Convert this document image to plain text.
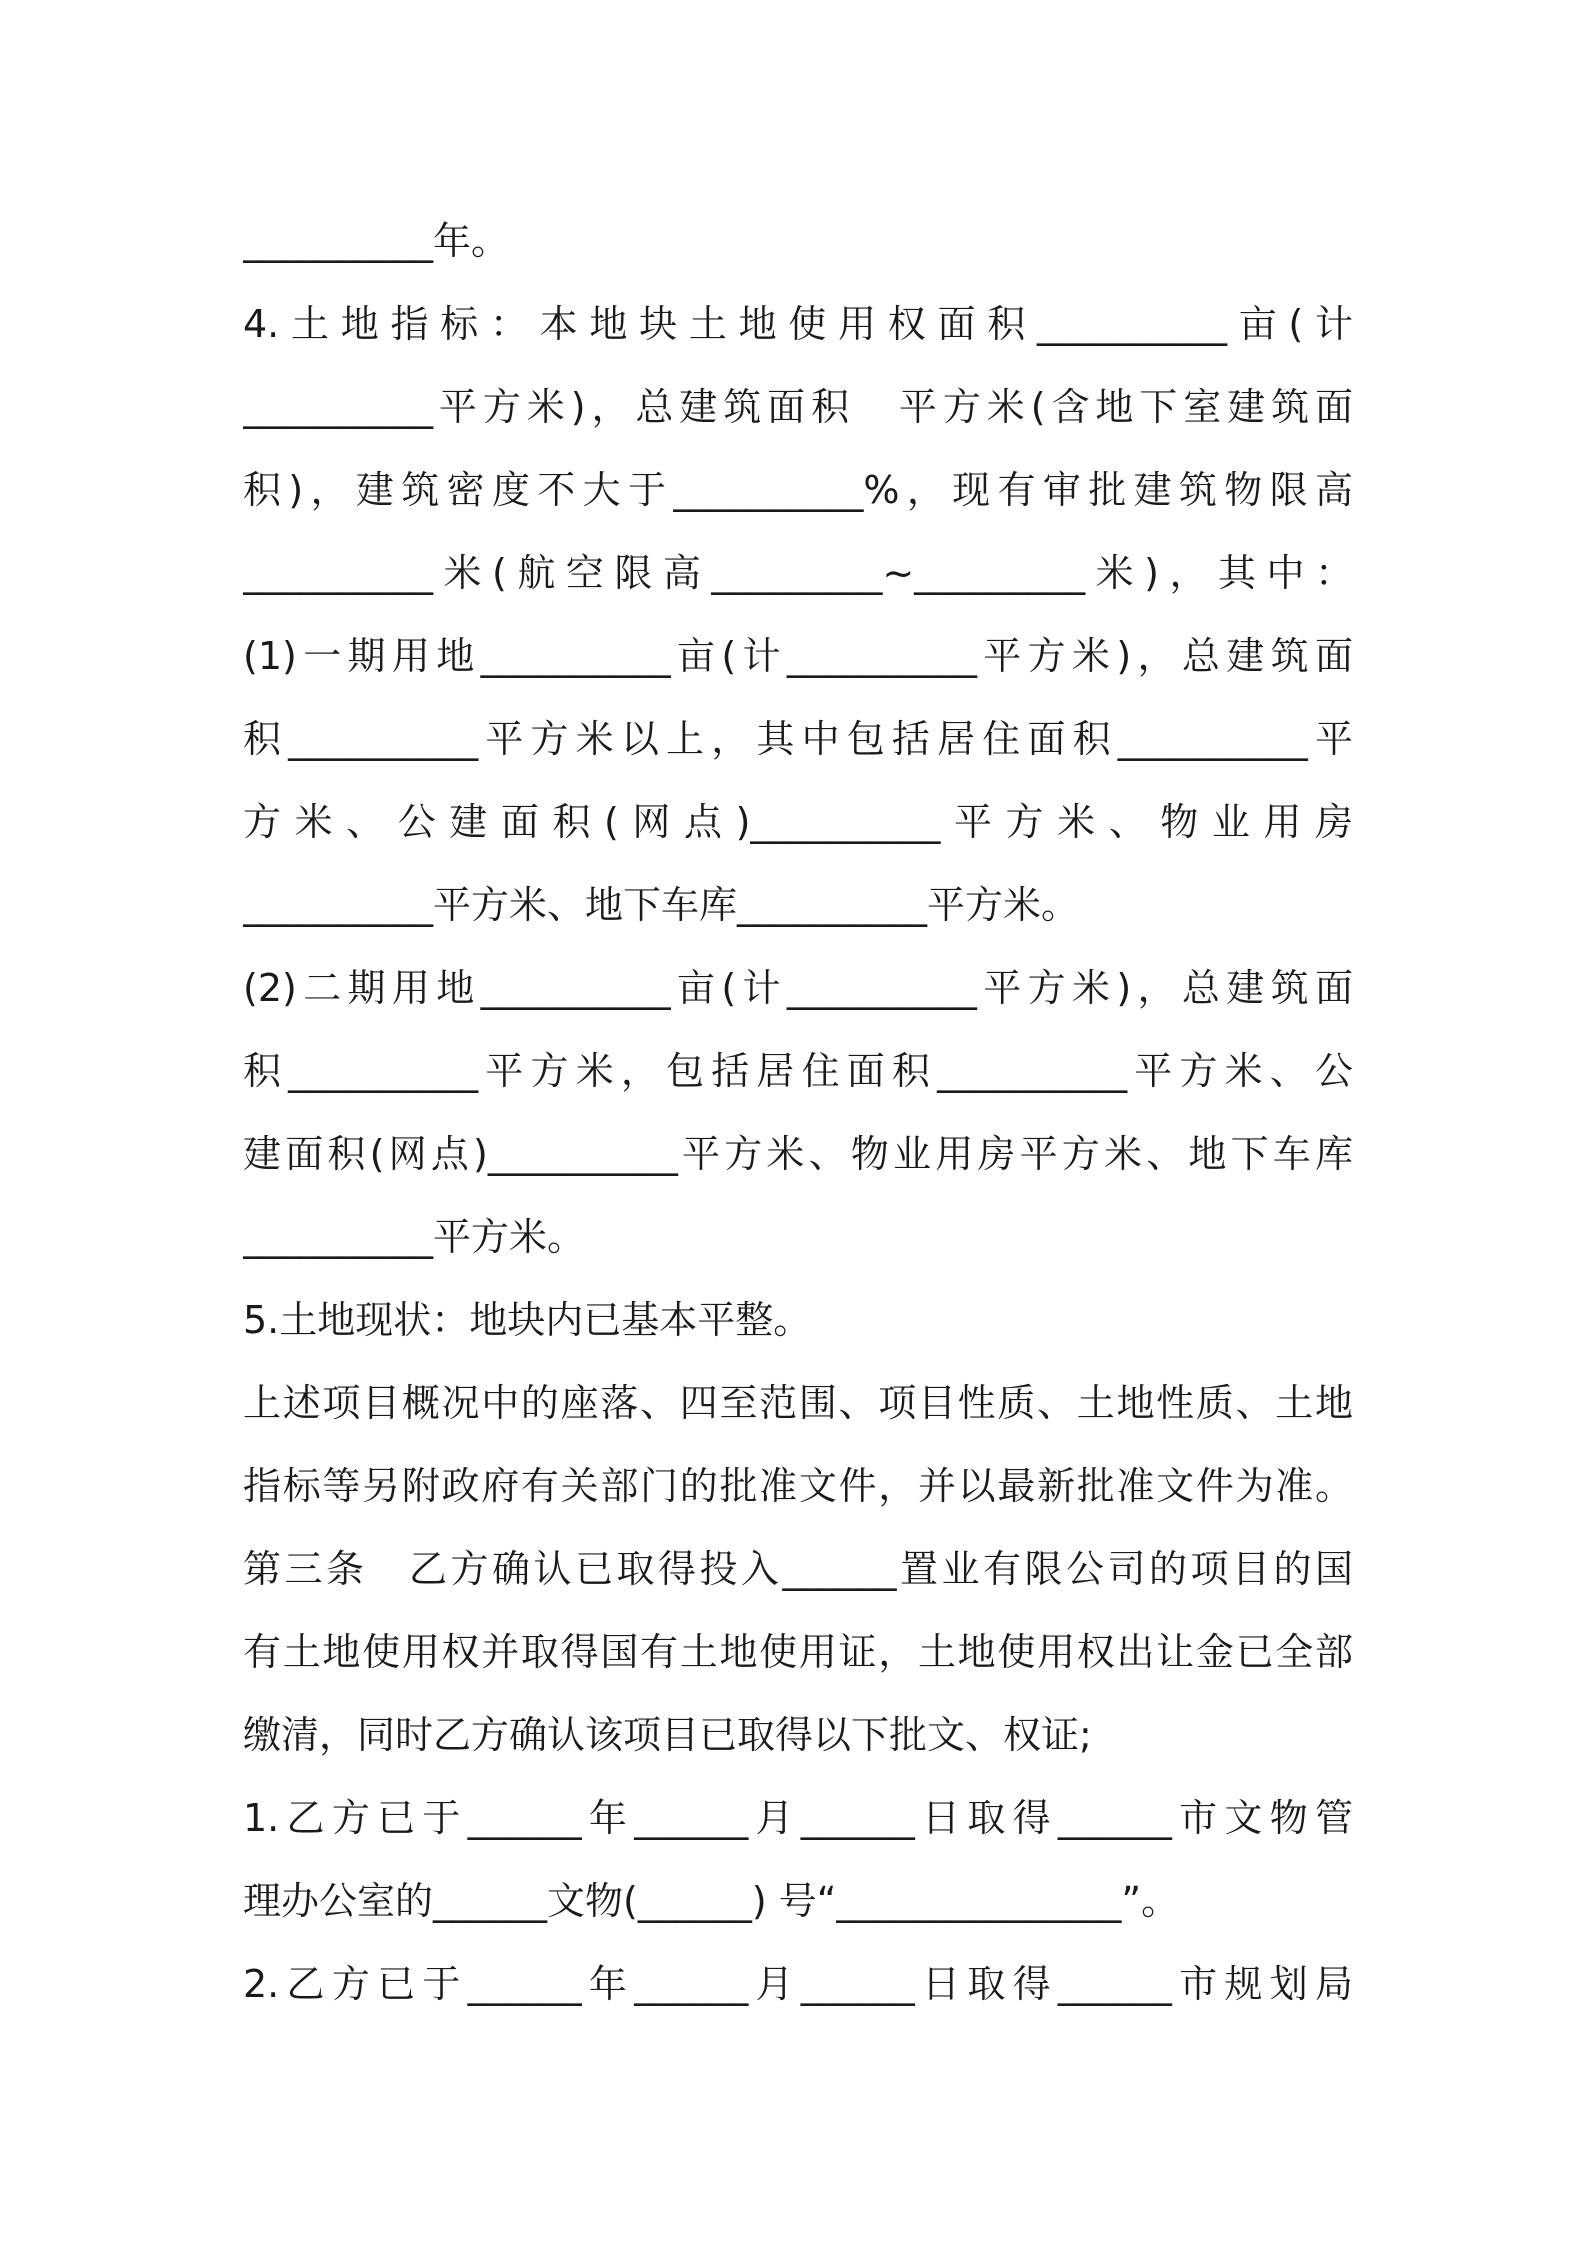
__________年。
4.土地指标：本地块土地使用权面积__________亩(计
__________平方米)，总建筑面积　平方米(含地下室建筑面
积)，建筑密度不大于__________%，现有审批建筑物限高
__________米(航空限高_________~_________米)，其中：
(1)一期用地__________亩(计__________平方米)，总建筑面
积__________平方米以上，其中包括居住面积__________平
方米、公建面积(网点)__________平方米、物业用房
__________平方米、地下车库__________平方米。
(2)二期用地__________亩(计__________平方米)，总建筑面
积__________平方米，包括居住面积__________平方米、公
建面积(网点)__________平方米、物业用房平方米、地下车库
__________平方米。
5.土地现状：地块内已基本平整。
上述项目概况中的座落、四至范围、项目性质、土地性质、土地
指标等另附政府有关部门的批准文件，并以最新批准文件为准。
第三条　乙方确认已取得投入______置业有限公司的项目的国
有土地使用权并取得国有土地使用证，土地使用权出让金已全部
缴清，同时乙方确认该项目已取得以下批文、权证;
1.乙方已于______年______月______日取得______市文物管
理办公室的______文物(______) 号“_______________”。
2.乙方已于______年______月______日取得______市规划局
